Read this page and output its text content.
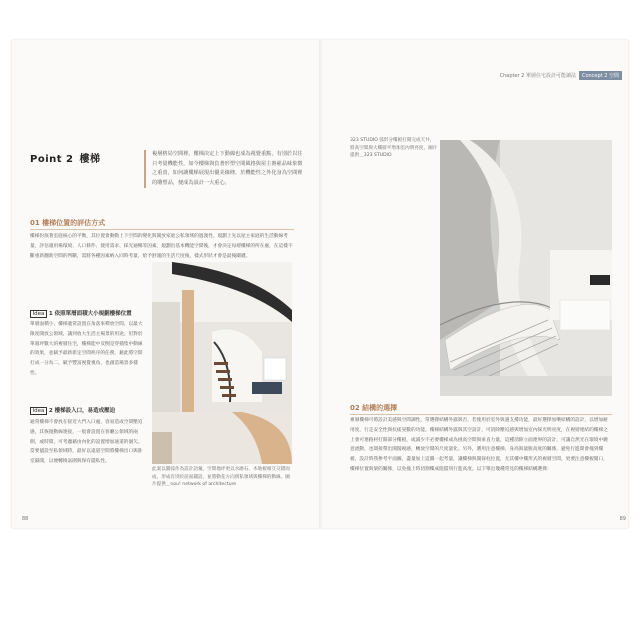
Chapter 2 單層住宅設計可能讀法	Concept 2 空間
Point 2 樓梯	複層格局空間裡，樓梯決定上下動線也成為視覺重點，有別於以往只考量機能性，如今樓梯與負著形塑空間風格與屋主審慈品味象徵之重責，如何讓樓梯展現出優美線條，於機能性之外化身為空間裡的雕塑品，便成為設計一大重心。
01 樓梯位置的評估方式
樓梯扮演著室庭核心的平衡，其位置會動動上下空間的變化與開放家庭公私領域的過渡性。規劃上先以屋主家庭的生活動線考量，評估適用場環境、人口條件、使用需求、採光通暢等因素，規劃出基本機能空間後，才會決定每層樓梯的所在處，在這樣不斷重新翻新空間的判斷，需將各種因素納入同時考量，給予舒適的生活尺度後，樣式形狀才會是最後關鍵。
Idea 1 依照單層面積大小規劃樓梯位置
單層面積小，樓梯適常設置在角落來釋放空間，以最大限度開放公領域，讓到放大生活主場景的用途。但對於單層坪數大的複層住宅，樓梯能中反倒是穿插集中動線的效果，並賦予最新新定空間秩序的任務，藉此將空間打成一分為二，賦予豐富視覺視角，也創造場景多樣性。
Idea 2 樓梯設入口，易造成壓迫
通常樓梯不會放在接近大門入口處，容易造成空間壓迫感，其恢復動線連接，一般會設置在客廳公領域的兩側，或時間，可考慮藉由內化的設置增加通道的個欠。當要儘設至私領域時，最好以遠道空間將樓梯出口與卧室隔開，以便轉換氣圍與保有隱私性。
此案以圓弧作為設計語彙，空間地坪更以水磨石、木地板相互交錯而成，形成有別於前面鋪設，並將動花方向別私領域與樓梯的動線。圖片提供＿nou! network of architecture
88
323 STUDIO 弧形分樓板打開完成天井，將高空間與大樓層平增加室內明亮度，圖片提供＿323 STUDIO
02 結構的選擇
複層樓梯可將設計美感與空間調性。常選擇結構外露與否，若使用於室外與遇支撐功能，最好選擇加樂結構的設計，以增加耐用度，行走安全性與抗搖晃數的功能。樓梯結構外露與其空設計，可消除壓迫感與增加室內採光明亮度，在複層連結的樓梯之上會可連路材打開部分樓板，或減少不必要樓梯成為挑高空間與垂直力量，這種消除立面連界的設計，可讓自然光在環境中鏈意流動，也間接帶出開闊視感，轉放空間的尺度量化。另外，選用注意樓梯，身高與量脫高度的關係，避免行進間會撞到樓板，設計時我參考平面圖，盡量加上這圓一起考量，讓樓梯與開採柱位置，尤其樓中樓形式的複層空間，更要注意樓板開口，樓梯位置與梁的關係，以免撞上時切割樓成阻擋到行進高度。以下舉出幾種常見的樓梯結構選擇：
89
